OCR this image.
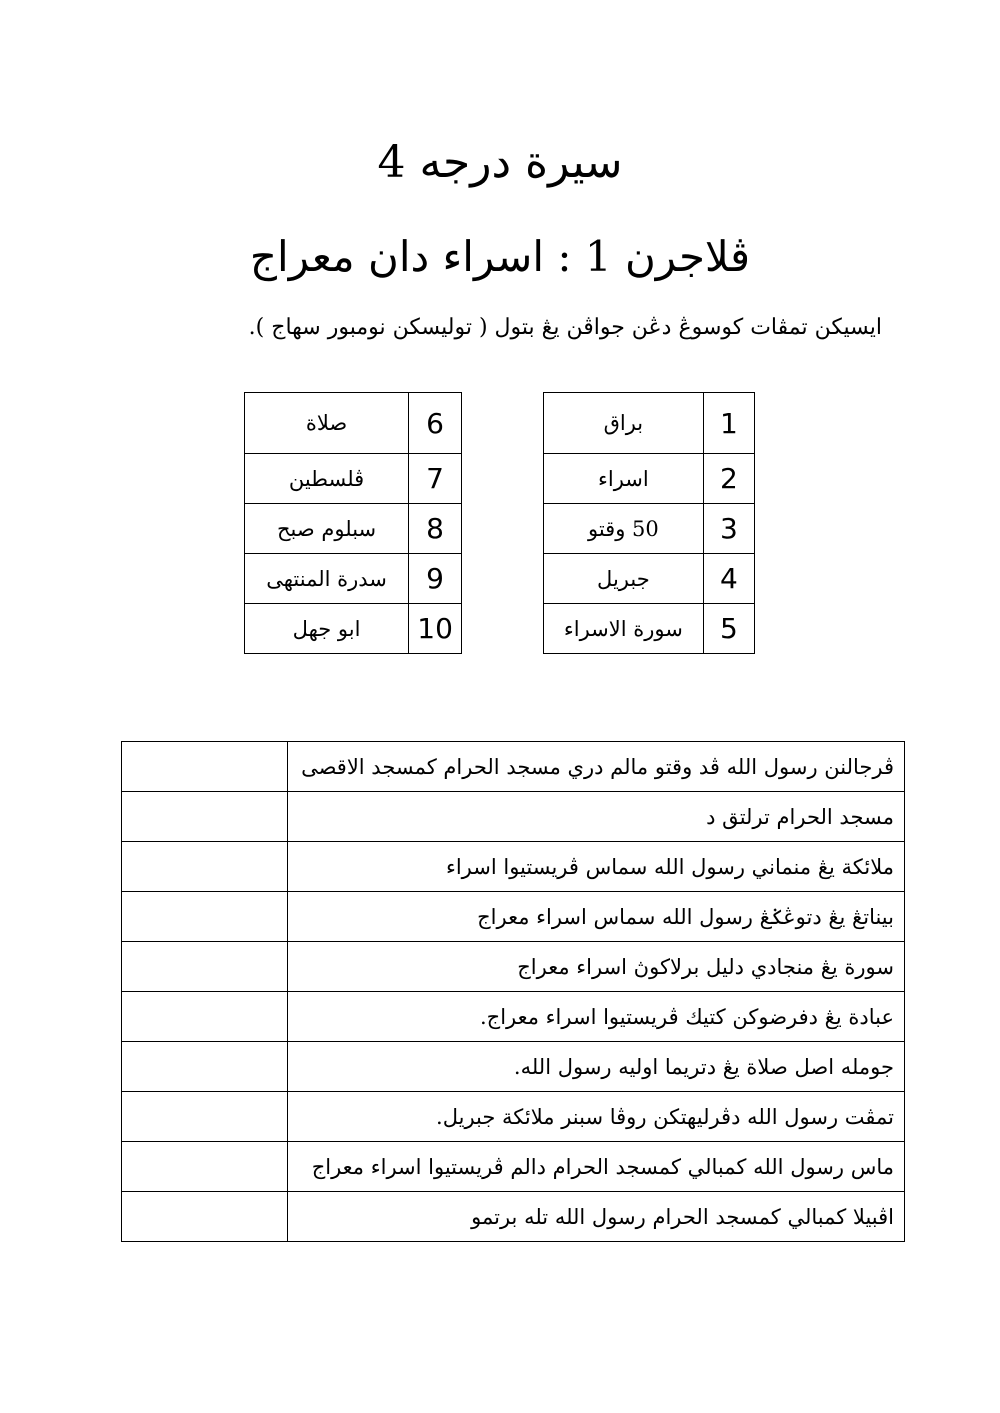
سيرة درجه 4
ڤلاجرن 1 : اسراء دان معراج
ايسيكن تمڤات كوسوڠ دڠن جواڤن يڠ بتول ( توليسكن نومبور سهاج ).
صلاة	6
ڤلسطين	7
سبلوم صبح	8
سدرة المنتهى	9
ابو جهل	10
براق	1
اسراء	2
50 وقتو	3
جبريل	4
سورة الاسراء	5
	ڤرجالنن رسول الله ڤد وقتو مالم دري مسجد الحرام كمسجد الاقصى
	مسجد الحرام ترلتق د
	ملائكة يڠ منماني رسول الله سماس ڤريستيوا اسراء
	بيناتڠ يڠ دتوڠݢڠ رسول الله سماس اسراء معراج
	سورة يڠ منجادي دليل برلاكوڽ اسراء معراج
	عبادة يڠ دفرضوكن كتيك ڤريستيوا اسراء معراج.
	جومله اصل صلاة يڠ دتريما اوليه رسول الله.
	تمڤت رسول الله دڤرليهتكن روڤا سبنر ملائكة جبريل.
	ماس رسول الله كمبالي كمسجد الحرام دالم ڤريستيوا اسراء معراج
	اڤبيلا كمبالي كمسجد الحرام رسول الله تله برتمو
